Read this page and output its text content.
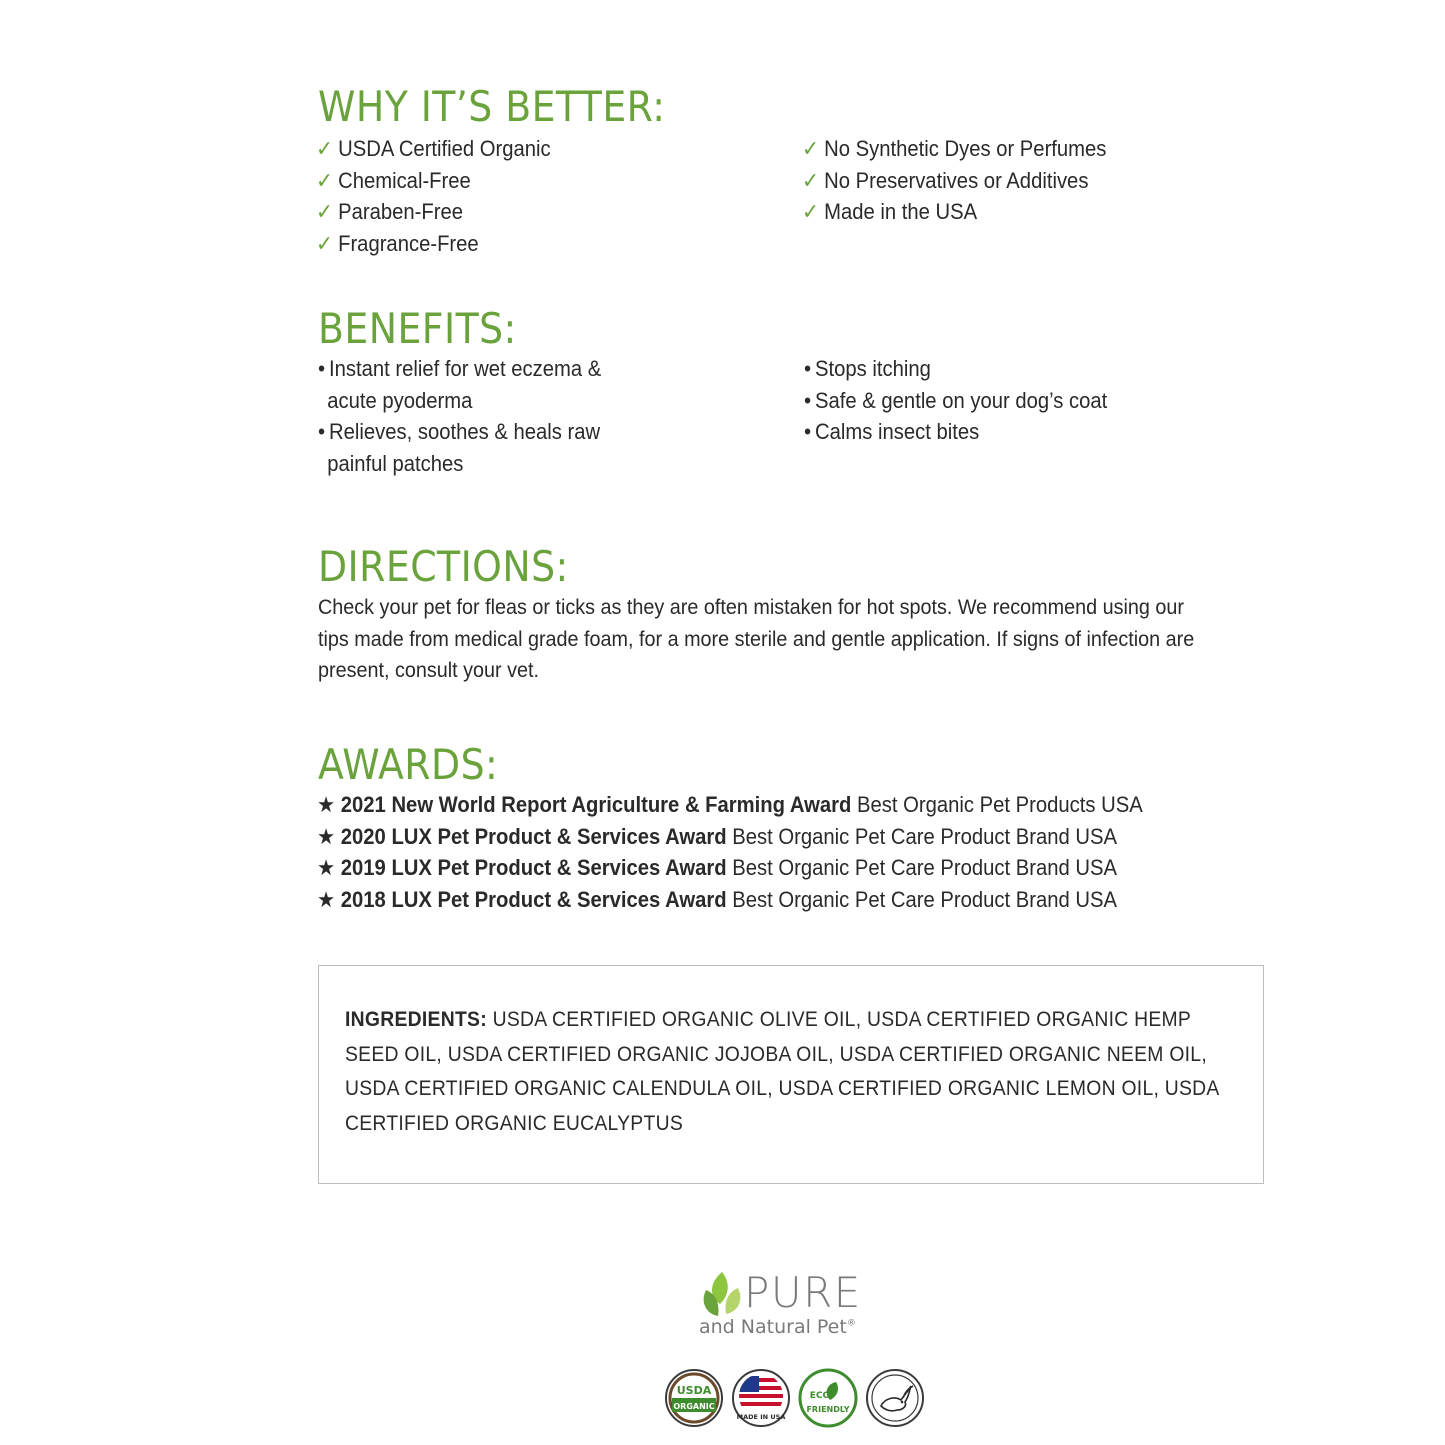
WHY IT’S BETTER:
✓ USDA Certified Organic
✓ Chemical-Free
✓ Paraben-Free
✓ Fragrance-Free
✓ No Synthetic Dyes or Perfumes
✓ No Preservatives or Additives
✓ Made in the USA
BENEFITS:
• Instant relief for wet eczema &
acute pyoderma
• Relieves, soothes & heals raw
painful patches
• Stops itching
• Safe & gentle on your dog’s coat
• Calms insect bites
DIRECTIONS:
Check your pet for fleas or ticks as they are often mistaken for hot spots. We recommend using our tips made from medical grade foam, for a more sterile and gentle application. If signs of infection are present, consult your vet.
AWARDS:
★ 2021 New World Report Agriculture & Farming Award Best Organic Pet Products USA
★ 2020 LUX Pet Product & Services Award Best Organic Pet Care Product Brand USA
★ 2019 LUX Pet Product & Services Award Best Organic Pet Care Product Brand USA
★ 2018 LUX Pet Product & Services Award Best Organic Pet Care Product Brand USA
INGREDIENTS: USDA CERTIFIED ORGANIC OLIVE OIL, USDA CERTIFIED ORGANIC HEMP SEED OIL, USDA CERTIFIED ORGANIC JOJOBA OIL, USDA CERTIFIED ORGANIC NEEM OIL, USDA CERTIFIED ORGANIC CALENDULA OIL, USDA CERTIFIED ORGANIC LEMON OIL, USDA CERTIFIED ORGANIC EUCALYPTUS
PURE
and Natural Pet®
USDA
ORGANIC
MADE IN USA
ECO
FRIENDLY
